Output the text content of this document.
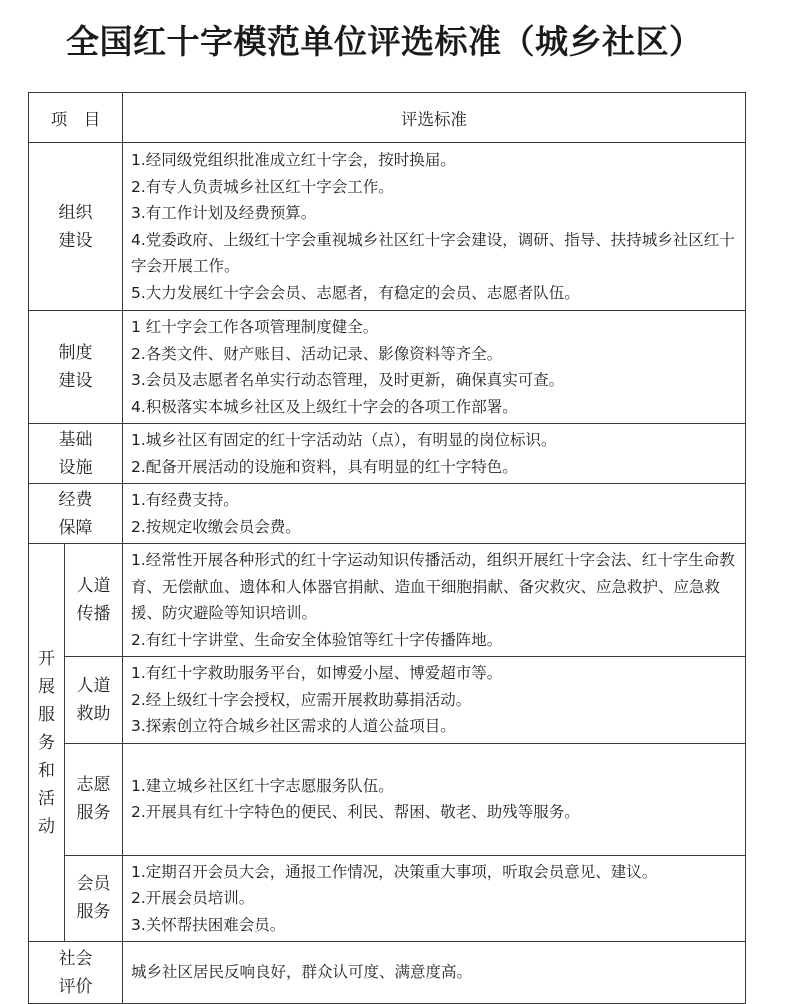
全国红十字模范单位评选标准（城乡社区）
项　目		评选标准
组织建设		1.经同级党组织批准成立红十字会，按时换届。
2.有专人负责城乡社区红十字会工作。
3.有工作计划及经费预算。
4.党委政府、上级红十字会重视城乡社区红十字会建设，调研、指导、扶持城乡社区红十字会开展工作。
5.大力发展红十字会会员、志愿者，有稳定的会员、志愿者队伍。

制度建设		1 红十字会工作各项管理制度健全。
2.各类文件、财产账目、活动记录、影像资料等齐全。
3.会员及志愿者名单实行动态管理，及时更新，确保真实可查。
4.积极落实本城乡社区及上级红十字会的各项工作部署。

基础设施		1.城乡社区有固定的红十字活动站（点），有明显的岗位标识。
2.配备开展活动的设施和资料，具有明显的红十字特色。

经费保障		1.有经费支持。
2.按规定收缴会员会费。

开展服务和活动	人道传播	1.经常性开展各种形式的红十字运动知识传播活动，组织开展红十字会法、红十字生命教育、无偿献血、遗体和人体器官捐献、造血干细胞捐献、备灾救灾、应急救护、应急救援、防灾避险等知识培训。
2.有红十字讲堂、生命安全体验馆等红十字传播阵地。

	人道救助	1.有红十字救助服务平台，如博爱小屋、博爱超市等。
2.经上级红十字会授权，应需开展救助募捐活动。
3.探索创立符合城乡社区需求的人道公益项目。

	志愿服务	1.建立城乡社区红十字志愿服务队伍。
2.开展具有红十字特色的便民、利民、帮困、敬老、助残等服务。

	会员服务	1.定期召开会员大会，通报工作情况，决策重大事项，听取会员意见、建议。
2.开展会员培训。
3.关怀帮扶困难会员。

社会评价		城乡社区居民反响良好，群众认可度、满意度高。
